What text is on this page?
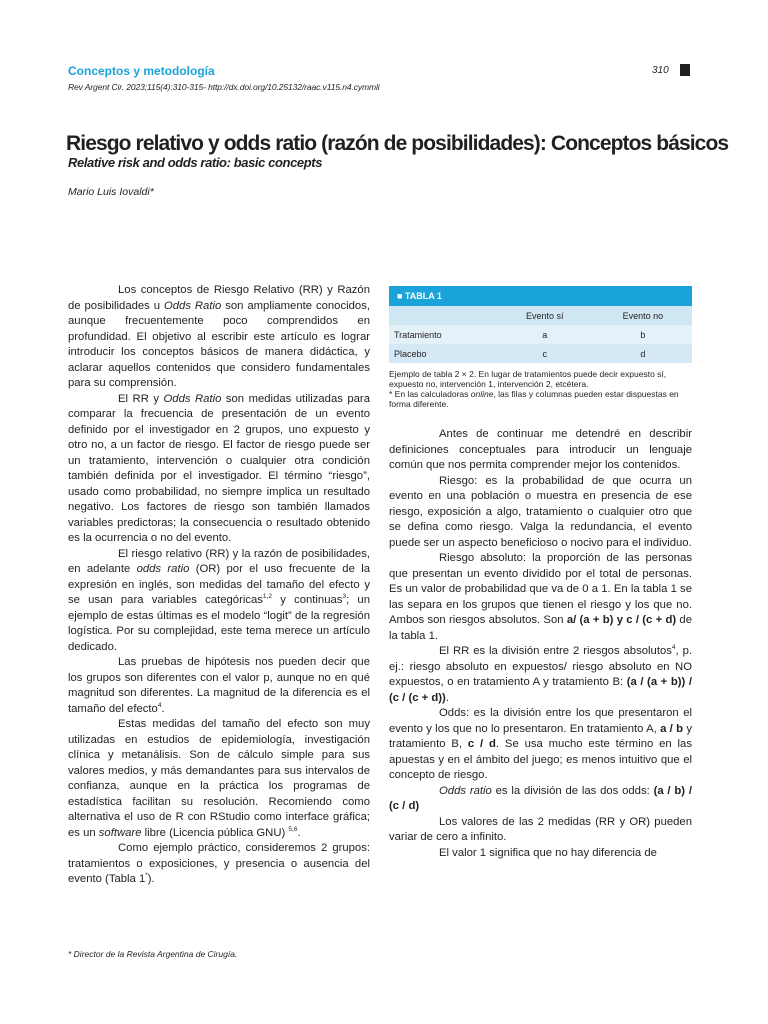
Conceptos y metodología	310
Rev Argent Cir. 2023;115(4):310-315- http://dx.doi.org/10.25132/raac.v115.n4.cymmli
Riesgo relativo y odds ratio (razón de posibilidades): Conceptos básicos
Relative risk and odds ratio: basic concepts
Mario Luis Iovaldi*

Los conceptos de Riesgo Relativo (RR) y Razón de posibilidades u Odds Ratio son ampliamente conocidos, aunque frecuentemente poco comprendidos en profundidad. El objetivo al escribir este artículo es lograr introducir los conceptos básicos de manera didáctica, y aclarar aquellos contenidos que considero fundamentales para su comprensión.

El RR y Odds Ratio son medidas utilizadas para comparar la frecuencia de presentación de un evento definido por el investigador en 2 grupos, uno expuesto y otro no, a un factor de riesgo. El factor de riesgo puede ser un tratamiento, intervención o cualquier otra condición también definida por el investigador. El término “riesgo”, usado como probabilidad, no siempre implica un resultado negativo. Los factores de riesgo son también llamados variables predictoras; la consecuencia o resultado obtenido es la ocurrencia o no del evento.

El riesgo relativo (RR) y la razón de posibilidades, en adelante odds ratio (OR) por el uso frecuente de la expresión en inglés, son medidas del tamaño del efecto y se usan para variables categóricas$^{1,2}$ y continuas$^3$; un ejemplo de estas últimas es el modelo “logit” de la regresión logística. Por su complejidad, este tema merece un artículo dedicado.

Las pruebas de hipótesis nos pueden decir que los grupos son diferentes con el valor p, aunque no en qué magnitud son diferentes. La magnitud de la diferencia es el tamaño del efecto$^4$.

Estas medidas del tamaño del efecto son muy utilizadas en estudios de epidemiología, investigación clínica y metanálisis. Son de cálculo simple para sus valores medios, y más demandantes para sus intervalos de confianza, aunque en la práctica los programas de estadística facilitan su resolución. Recomiendo como alternativa el uso de R con RStudio como interface gráfica; es un software libre (Licencia pública GNU) $^{5,6}$.

Como ejemplo práctico, consideremos 2 grupos: tratamientos o exposiciones, y presencia o ausencia del evento (Tabla 1*).

■ TABLA 1
	Evento sí	Evento no
Tratamiento	a	b
Placebo	c	d
Ejemplo de tabla 2 × 2. En lugar de tratamientos puede decir expuesto sí, expuesto no, intervención 1, intervención 2, etcétera.
* En las calculadoras online, las filas y columnas pueden estar dispuestas en forma diferente.

Antes de continuar me detendré en describir definiciones conceptuales para introducir un lenguaje común que nos permita comprender mejor los contenidos.

Riesgo: es la probabilidad de que ocurra un evento en una población o muestra en presencia de ese riesgo, exposición a algo, tratamiento o cualquier otro que se defina como riesgo. Valga la redundancia, el evento puede ser un aspecto beneficioso o nocivo para el individuo.

Riesgo absoluto: la proporción de las personas que presentan un evento dividido por el total de personas. Es un valor de probabilidad que va de 0 a 1. En la tabla 1 se las separa en los grupos que tienen el riesgo y los que no. Ambos son riesgos absolutos. Son a/ (a + b) y c / (c + d) de la tabla 1.

El RR es la división entre 2 riesgos absolutos$^4$, p. ej.: riesgo absoluto en expuestos/ riesgo absoluto en NO expuestos, o en tratamiento A y tratamiento B: (a / (a + b)) / (c / (c + d)).

Odds: es la división entre los que presentaron el evento y los que no lo presentaron. En tratamiento A, a / b y tratamiento B, c / d. Se usa mucho este término en las apuestas y en el ámbito del juego; es menos intuitivo que el concepto de riesgo.

Odds ratio es la división de las dos odds: (a / b) / (c / d)

Los valores de las 2 medidas (RR y OR) pueden variar de cero a infinito.

El valor 1 significa que no hay diferencia de

* Director de la Revista Argentina de Cirugía.
